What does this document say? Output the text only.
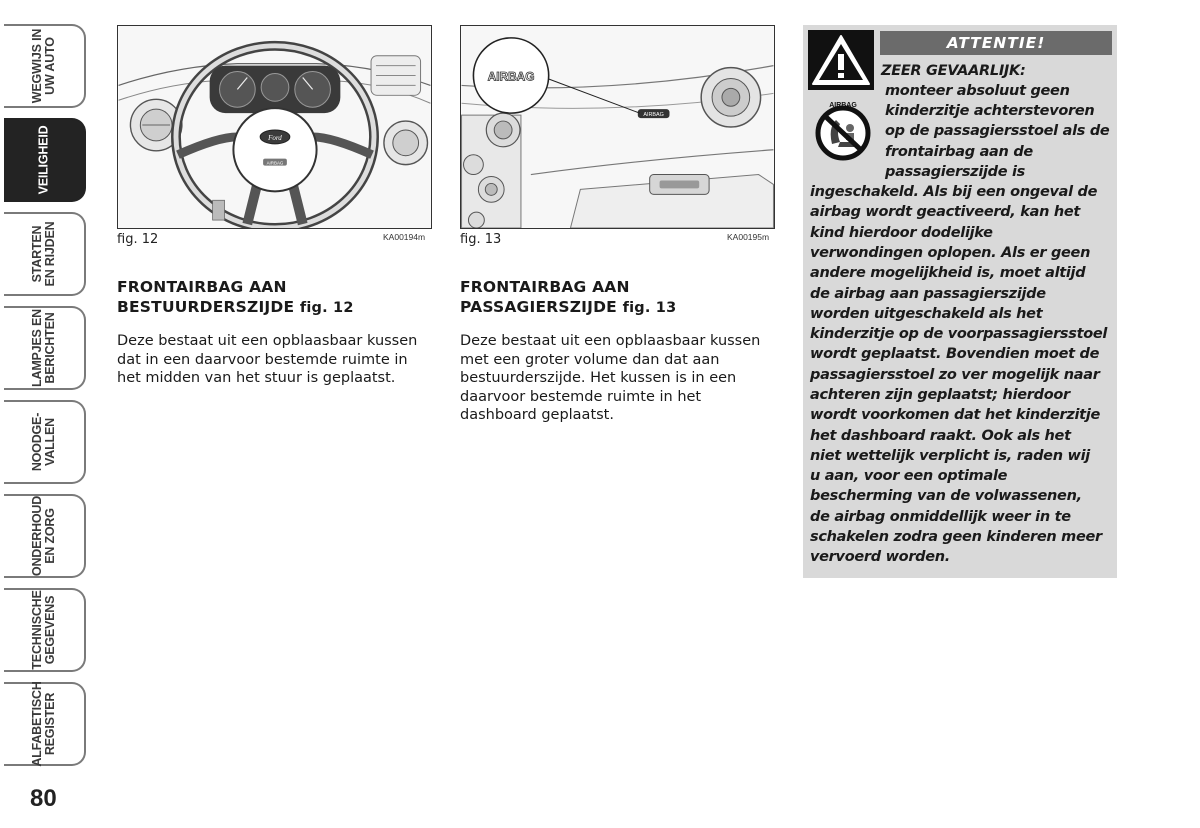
WEGWIJS IN
UW AUTO
VEILIGHEID
STARTEN
EN RIJDEN
LAMPJES EN
BERICHTEN
NOODGE-
VALLEN
ONDERHOUD
EN ZORG
TECHNISCHE
GEGEVENS
ALFABETISCH
REGISTER
80
Ford
AIRBAG
fig. 12	KA00194m
AIRBAG
AIRBAG
fig. 13	KA00195m
FRONTAIRBAG AAN
BESTUURDERSZIJDE fig. 12
Deze bestaat uit een opblaasbaar kussen
dat in een daarvoor bestemde ruimte in
het midden van het stuur is geplaatst.
FRONTAIRBAG AAN
PASSAGIERSZIJDE fig. 13
Deze bestaat uit een opblaasbaar kussen
met een groter volume dan dat aan
bestuurderszijde. Het kussen is in een
daarvoor bestemde ruimte in het
dashboard geplaatst.
ATTENTIE!
AIRBAG
ZEER GEVAARLIJK:
monteer absoluut geen
kinderzitje achterstevoren
op de passagiersstoel als de
frontairbag aan de
passagierszijde is
ingeschakeld. Als bij een ongeval de
airbag wordt geactiveerd, kan het
kind hierdoor dodelijke
verwondingen oplopen. Als er geen
andere mogelijkheid is, moet altijd
de airbag aan passagierszijde
worden uitgeschakeld als het
kinderzitje op de voorpassagiersstoel
wordt geplaatst. Bovendien moet de
passagiersstoel zo ver mogelijk naar
achteren zijn geplaatst; hierdoor
wordt voorkomen dat het kinderzitje
het dashboard raakt. Ook als het
niet wettelijk verplicht is, raden wij
u aan, voor een optimale
bescherming van de volwassenen,
de airbag onmiddellijk weer in te
schakelen zodra geen kinderen meer
vervoerd worden.
